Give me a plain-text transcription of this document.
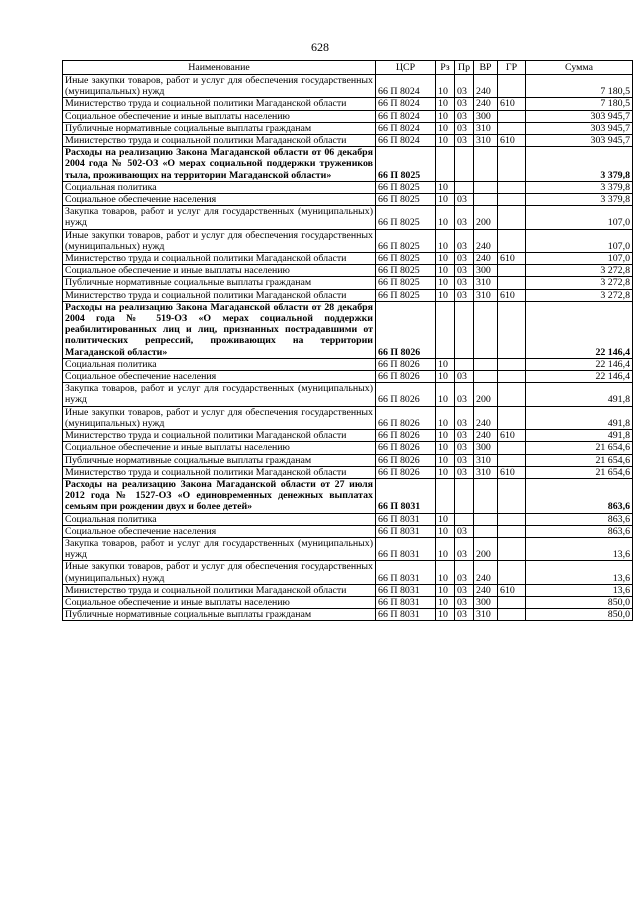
628
Наименование	ЦСР	Рз	Пр	ВР	ГР	Сумма
Иные закупки товаров, работ и услуг для обеспечения государственных (муниципальных) нужд	66 П 8024	10	03	240		7 180,5
Министерство труда и социальной политики Магаданской области	66 П 8024	10	03	240	610	7 180,5
Социальное обеспечение и иные выплаты населению	66 П 8024	10	03	300		303 945,7
Публичные нормативные социальные выплаты гражданам	66 П 8024	10	03	310		303 945,7
Министерство труда и социальной политики Магаданской области	66 П 8024	10	03	310	610	303 945,7
Расходы на реализацию Закона Магаданской области от 06 декабря 2004 года № 502-ОЗ «О мерах социальной поддержки тружеников тыла, проживающих на территории Магаданской области»	66 П 8025					3 379,8
Социальная политика	66 П 8025	10				3 379,8
Социальное обеспечение населения	66 П 8025	10	03			3 379,8
Закупка товаров, работ и услуг для государственных (муниципальных) нужд	66 П 8025	10	03	200		107,0
Иные закупки товаров, работ и услуг для обеспечения государственных (муниципальных) нужд	66 П 8025	10	03	240		107,0
Министерство труда и социальной политики Магаданской области	66 П 8025	10	03	240	610	107,0
Социальное обеспечение и иные выплаты населению	66 П 8025	10	03	300		3 272,8
Публичные нормативные социальные выплаты гражданам	66 П 8025	10	03	310		3 272,8
Министерство труда и социальной политики Магаданской области	66 П 8025	10	03	310	610	3 272,8
Расходы на реализацию Закона Магаданской области от 28 декабря 2004 года № 519-ОЗ «О мерах социальной поддержки реабилитированных лиц и лиц, признанных пострадавшими от политических репрессий, проживающих на территории Магаданской области»	66 П 8026					22 146,4
Социальная политика	66 П 8026	10				22 146,4
Социальное обеспечение населения	66 П 8026	10	03			22 146,4
Закупка товаров, работ и услуг для государственных (муниципальных) нужд	66 П 8026	10	03	200		491,8
Иные закупки товаров, работ и услуг для обеспечения государственных (муниципальных) нужд	66 П 8026	10	03	240		491,8
Министерство труда и социальной политики Магаданской области	66 П 8026	10	03	240	610	491,8
Социальное обеспечение и иные выплаты населению	66 П 8026	10	03	300		21 654,6
Публичные нормативные социальные выплаты гражданам	66 П 8026	10	03	310		21 654,6
Министерство труда и социальной политики Магаданской области	66 П 8026	10	03	310	610	21 654,6
Расходы на реализацию Закона Магаданской области от 27 июля 2012 года № 1527-ОЗ «О единовременных денежных выплатах семьям при рождении двух и более детей»	66 П 8031					863,6
Социальная политика	66 П 8031	10				863,6
Социальное обеспечение населения	66 П 8031	10	03			863,6
Закупка товаров, работ и услуг для государственных (муниципальных) нужд	66 П 8031	10	03	200		13,6
Иные закупки товаров, работ и услуг для обеспечения государственных (муниципальных) нужд	66 П 8031	10	03	240		13,6
Министерство труда и социальной политики Магаданской области	66 П 8031	10	03	240	610	13,6
Социальное обеспечение и иные выплаты населению	66 П 8031	10	03	300		850,0
Публичные нормативные социальные выплаты гражданам	66 П 8031	10	03	310		850,0
